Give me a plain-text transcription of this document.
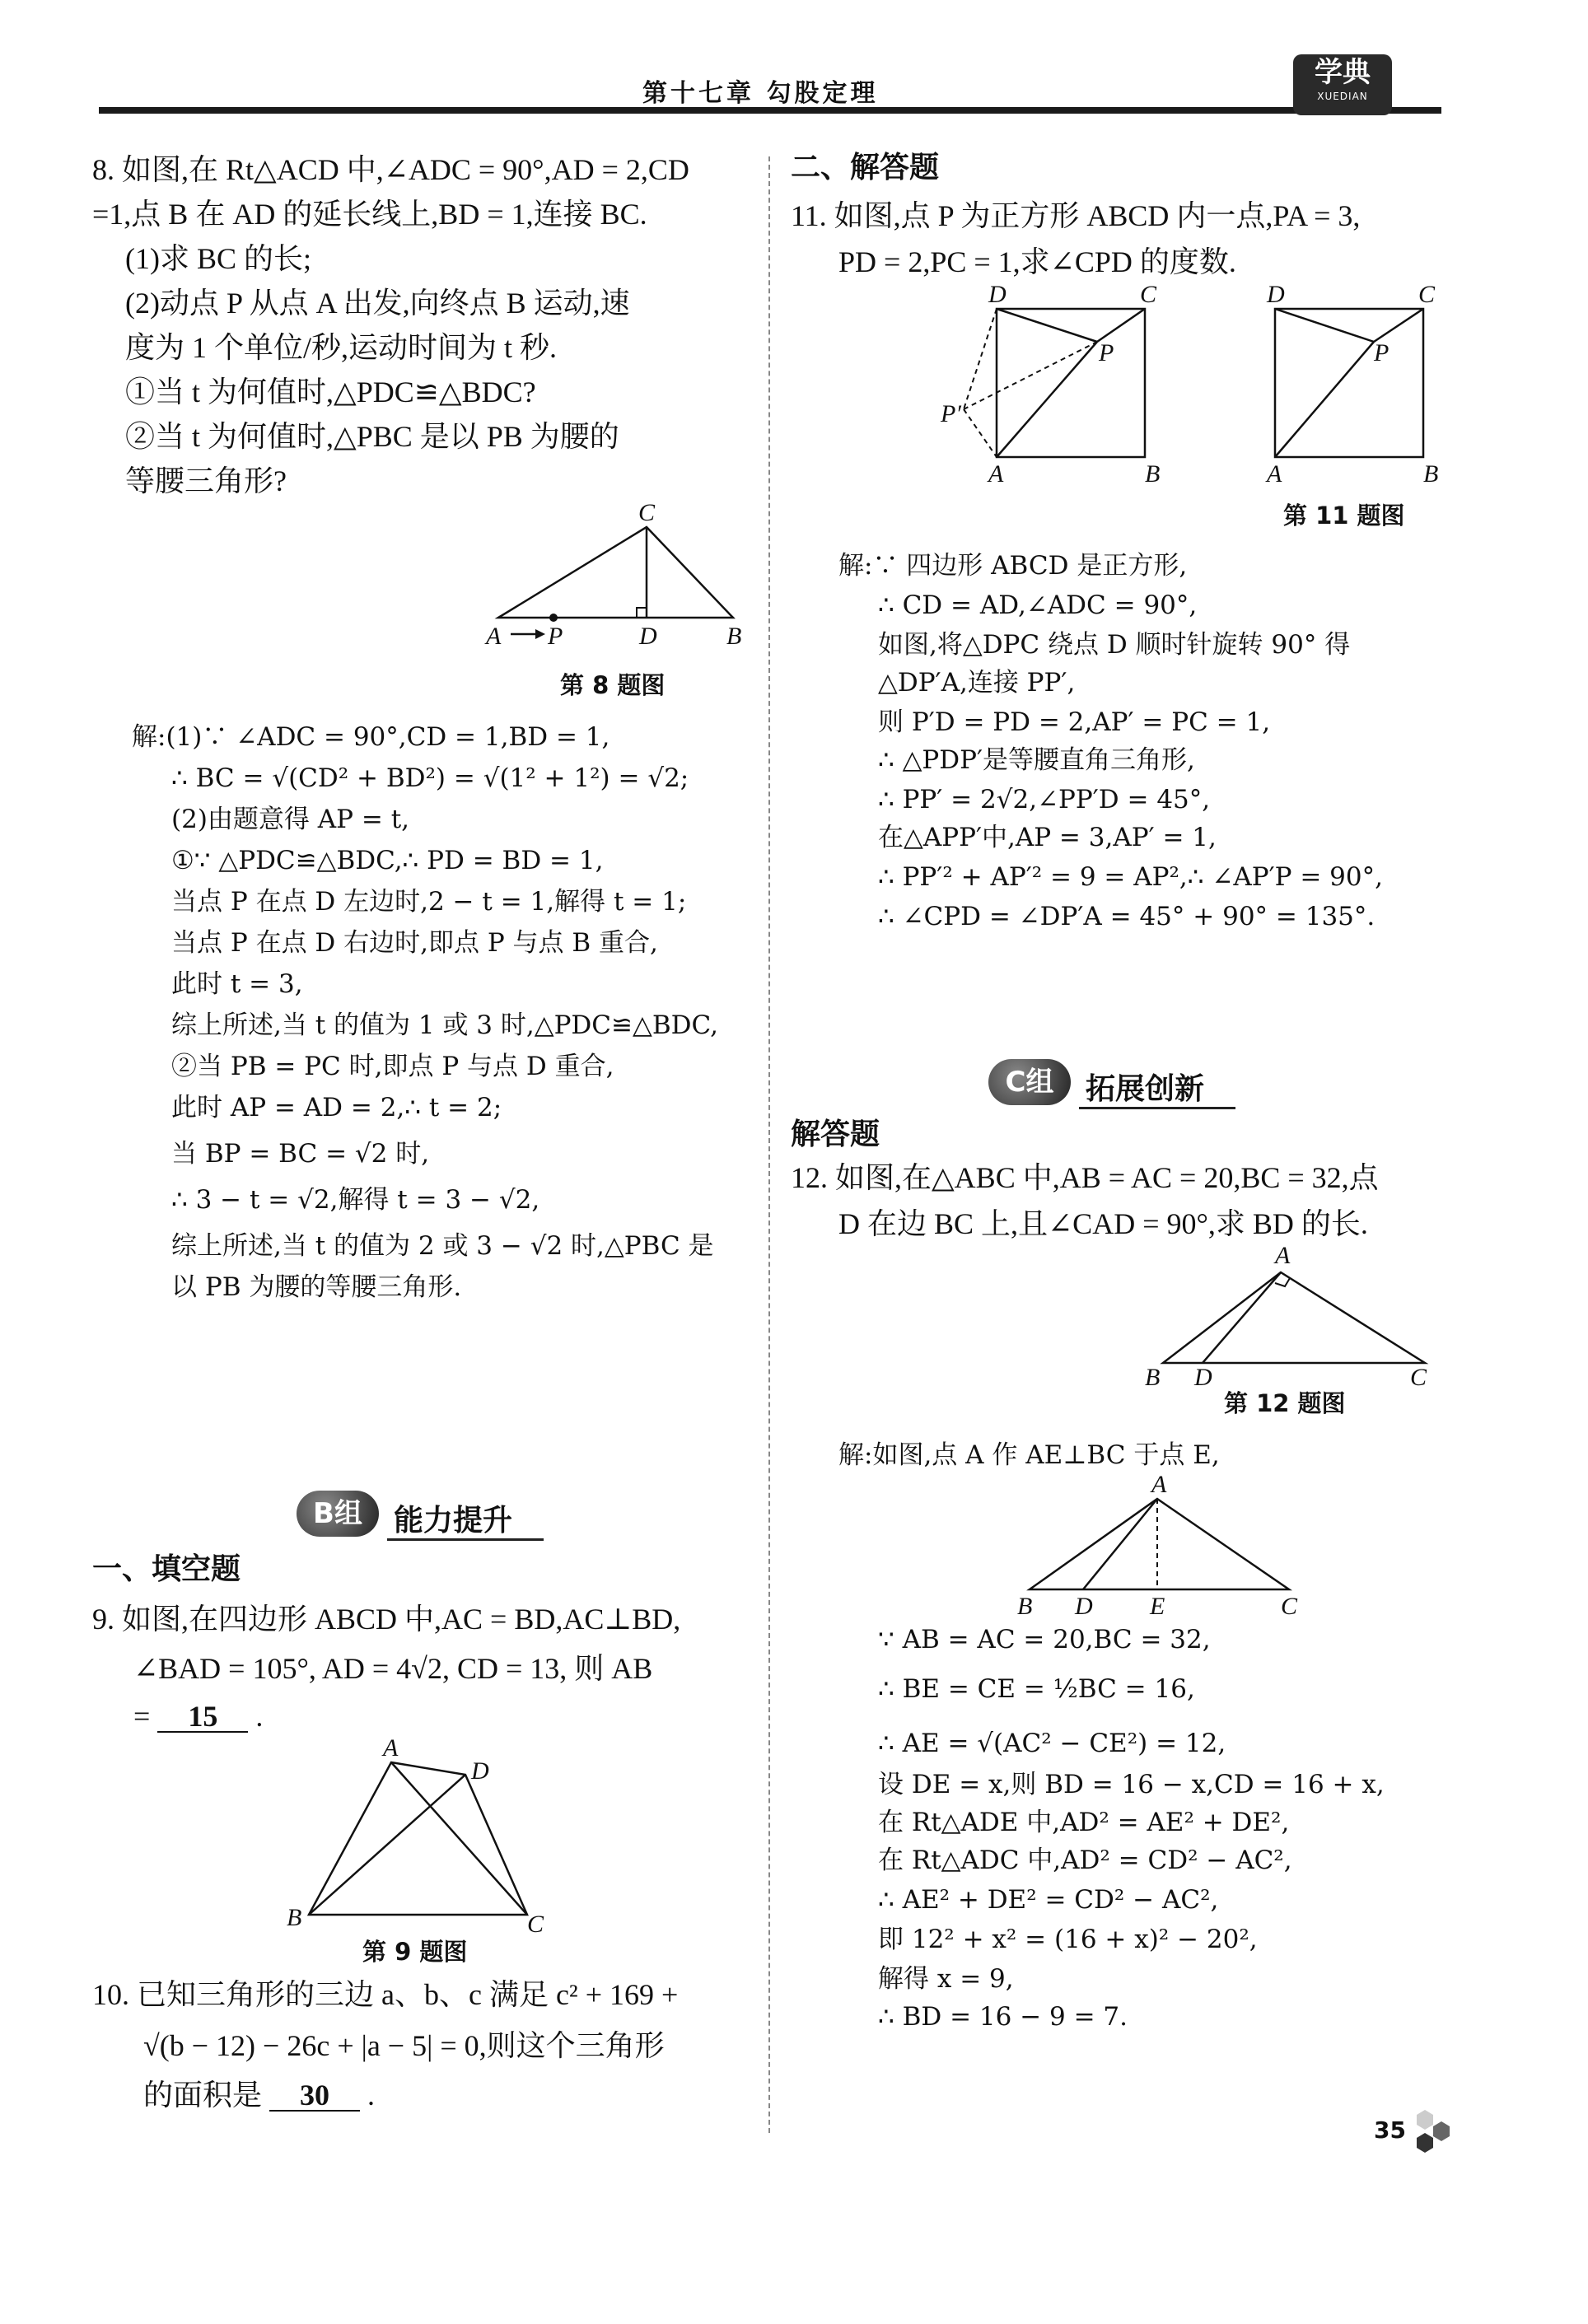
第十七章 勾股定理
学典
XUEDIAN
8. 如图,在 Rt△ACD 中,∠ADC = 90°,AD = 2,CD
=1,点 B 在 AD 的延长线上,BD = 1,连接 BC.
(1)求 BC 的长;
(2)动点 P 从点 A 出发,向终点 B 运动,速
度为 1 个单位/秒,运动时间为 t 秒.
①当 t 为何值时,△PDC≌△BDC?
②当 t 为何值时,△PBC 是以 PB 为腰的
等腰三角形?
C
A P	D	B
第 8 题图
解:(1)∵ ∠ADC = 90°,CD = 1,BD = 1,
∴ BC = √(CD² + BD²) = √(1² + 1²) = √2;
(2)由题意得 AP = t,
①∵ △PDC≌△BDC,∴ PD = BD = 1,
当点 P 在点 D 左边时,2 − t = 1,解得 t = 1;
当点 P 在点 D 右边时,即点 P 与点 B 重合,
此时 t = 3,
综上所述,当 t 的值为 1 或 3 时,△PDC≌△BDC,
②当 PB = PC 时,即点 P 与点 D 重合,
此时 AP = AD = 2,∴ t = 2;
当 BP = BC = √2 时,
∴ 3 − t = √2,解得 t = 3 − √2,
综上所述,当 t 的值为 2 或 3 − √2 时,△PBC 是
以 PB 为腰的等腰三角形.
B组	能力提升
一、填空题
9. 如图,在四边形 ABCD 中,AC = BD,AC⊥BD,
∠BAD = 105°, AD = 4√2, CD = 13, 则 AB
= 15 .
A
D
B	C
第 9 题图
10. 已知三角形的三边 a、b、c 满足 c² + 169 +
√(b − 12) − 26c + |a − 5| = 0,则这个三角形
的面积是 30 .
二、解答题
11. 如图,点 P 为正方形 ABCD 内一点,PA = 3,
PD = 2,PC = 1,求∠CPD 的度数.
D	C
P
P′
A	B
D	C
P
A	B
第 11 题图
解:∵ 四边形 ABCD 是正方形,
∴ CD = AD,∠ADC = 90°,
如图,将△DPC 绕点 D 顺时针旋转 90° 得
△DP′A,连接 PP′,
则 P′D = PD = 2,AP′ = PC = 1,
∴ △PDP′是等腰直角三角形,
∴ PP′ = 2√2,∠PP′D = 45°,
在△APP′中,AP = 3,AP′ = 1,
∴ PP′² + AP′² = 9 = AP²,∴ ∠AP′P = 90°,
∴ ∠CPD = ∠DP′A = 45° + 90° = 135°.
C组	拓展创新
解答题
12. 如图,在△ABC 中,AB = AC = 20,BC = 32,点
D 在边 BC 上,且∠CAD = 90°,求 BD 的长.
A
B D	C
第 12 题图
解:如图,点 A 作 AE⊥BC 于点 E,
A
B D E	C
∵ AB = AC = 20,BC = 32,
∴ BE = CE = ½BC = 16,
∴ AE = √(AC² − CE²) = 12,
设 DE = x,则 BD = 16 − x,CD = 16 + x,
在 Rt△ADE 中,AD² = AE² + DE²,
在 Rt△ADC 中,AD² = CD² − AC²,
∴ AE² + DE² = CD² − AC²,
即 12² + x² = (16 + x)² − 20²,
解得 x = 9,
∴ BD = 16 − 9 = 7.
35
